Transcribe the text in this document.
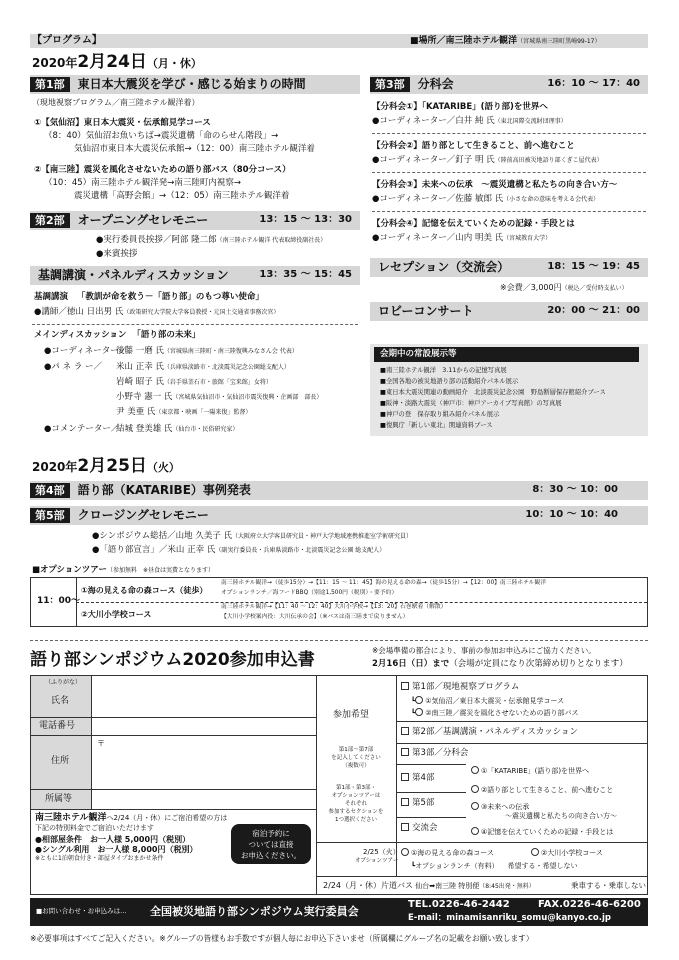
【プログラム】	■場所／南三陸ホテル観洋（宮城県南三陸町黒崎99-17）
2020年2月24日（月・休）
第1部	東日本大震災を学び・感じる始まりの時間
（現地視察プログラム／南三陸ホテル観洋着）
①【気仙沼】東日本大震災・伝承館見学コース
（8：40）気仙沼お魚いちば→震災遺構「命のらせん階段」→
気仙沼市東日本大震災伝承館→（12：00）南三陸ホテル観洋着
②【南三陸】震災を風化させないための語り部バス（80分コース）
（10：45）南三陸ホテル観洋発→南三陸町内視察→
震災遺構「高野会館」→（12：05）南三陸ホテル観洋着
第2部	オープニングセレモニー	13：15 ～ 13：30
●実行委員長挨拶／阿部 隆二郎（南三陸ホテル観洋 代表取締役副社長）
●来賓挨拶
基調講演・パネルディスカッション	13：35 ～ 15：45
基調講演 「教訓が命を救う－「語り部」のもつ尊い使命」
●講師／徳山 日出男 氏（政策研究大学院大学客員教授・元国土交通省事務次官）
メインディスカッション 「語り部の未来」
●コーディネーター／後藤 一磨 氏（宮城県南三陸町・南三陸復興みなさん会 代表）
●パ ネ ラ ー／ 米山 正幸 氏（兵庫県淡路市・北淡震災記念公園総支配人）
岩崎 昭子 氏（岩手県釜石市・旅館「宝来館」女将）
小野寺 憲一 氏（宮城県気仙沼市・気仙沼市震災復興・企画部　部長）
尹 美亜 氏（東京都・映画「一陽来復」監督）
●コメンテーター／結城 登美雄 氏（仙台市・民俗研究家）
第3部	分科会	16：10 ～ 17：40
【分科会①】「KATARIBE」(語り部)を世界へ
●コーディネーター／白井 純 氏（東北国際交流財団理事）
【分科会②】語り部として生きること、前へ進むこと
●コーディネーター／釘子 明 氏（陸前高田被災地語り部くぎこ屋代表）
【分科会③】未来への伝承　～震災遺構と私たちの向き合い方～
●コーディネーター／佐藤 敏郎 氏（小さな命の意味を考える会代表）
【分科会④】記憶を伝えていくための記録・手段とは
●コーディネーター／山内 明美 氏（宮城教育大学）
レセプション（交流会）	18：15 ～ 19：45
※会費／3,000円（税込／受付時支払い）
ロビーコンサート	20：00 ～ 21：00
会期中の常設展示等
■南三陸ホテル観洋　3.11からの記憶写真展
■全国各地の被災地語り部の活動紹介パネル展示
■東日本大震災関連の動画紹介　北淡震災記念公園　野島断層保存館紹介ブース
■阪神・淡路大震災（神戸市：神戸アーカイブ写真館）の写真展
■神戸の登　保存取り組み紹介パネル展示
■復興庁「新しい東北」関連資料ブース
2020年2月25日（火）
第4部	語り部（KATARIBE）事例発表	8：30 ～ 10：00
第5部	クロージングセレモニー	10：10 ～ 10：40
●シンポジウム総括／山地 久美子 氏（大阪府立大学客員研究員・神戸大学地域連携推進室学術研究員）
●「語り部宣言」／米山 正幸 氏（副実行委員長・兵庫県淡路市・北淡震災記念公園 総支配人）
■オプションツアー（参加無料　※昼食は実費となります）
11：00～
①海の見える命の森コース（徒歩）
南三陸ホテル観洋→（徒歩15分）→【11：15 ～ 11：45】海の見える命の森→（徒歩15分）→【12：00】南三陸ホテル観洋
オプションランチ／海フードBBQ（別途1,500円（税別）・要予約）
②大川小学校コース
南三陸ホテル観洋→【11：40 ～ 12：40】大川小学校→【13：20】石巻駅着（解散）
【大川小学校案内役：大川伝承の会】（※バスは南三陸まで戻りません）
語り部シンポジウム2020参加申込書	※会場準備の都合により、事前の参加お申込みにご協力ください。
2月16日（日）まで（会場が定員になり次第締め切りとなります）
（ふりがな）
氏名
電話番号
住所
〒
所属等
南三陸ホテル観洋へ2/24（月・休）にご宿泊希望の方は
下記の特別料金でご宿泊いただけます
●相部屋条件　お一人様 5,000円（税別）
●シングル利用　お一人様 8,000円（税別）
※ともに1泊朝食付き・部屋タイプおまかせ条件
宿泊予約に
ついては直接
お申込ください。
参加希望
第1部～第7部
を記入してください
（複数可）
第1部・第3部・
オプションツアーは
それぞれ
参加するセクションを
1つ選択ください
2/25（火）
オプションツアー
第1部／現地視察プログラム
┗ ①気仙沼／東日本大震災・伝承館見学コース
┗ ②南三陸／震災を風化させないための語り部バス
第2部／基調講演・パネルディスカッション
第3部／分科会
①「KATARIBE」(語り部)を世界へ
②語り部として生きること、前へ進むこと
③未来への伝承
～震災遺構と私たちの向き合い方～
④記憶を伝えていくための記録・手段とは
第4部
第5部
交流会
①海の見える命の森コース	②大川小学校コース
┗オプションランチ（有料） 希望する・希望しない
2/24（月・休）片道バス 仙台➡南三陸 特別便（8:45出発・無料）	乗車する・乗車しない
■お問い合わせ・お申込みは… 全国被災地語り部シンポジウム実行委員会
TEL.0226-46-2442	FAX.0226-46-6200
E-mail：minamisanriku_somu@kanyo.co.jp
※必要事項はすべてご記入ください。※グループの皆様もお手数ですが個人毎にお申込下さいませ（所属欄にグループ名の記載をお願い致します）
